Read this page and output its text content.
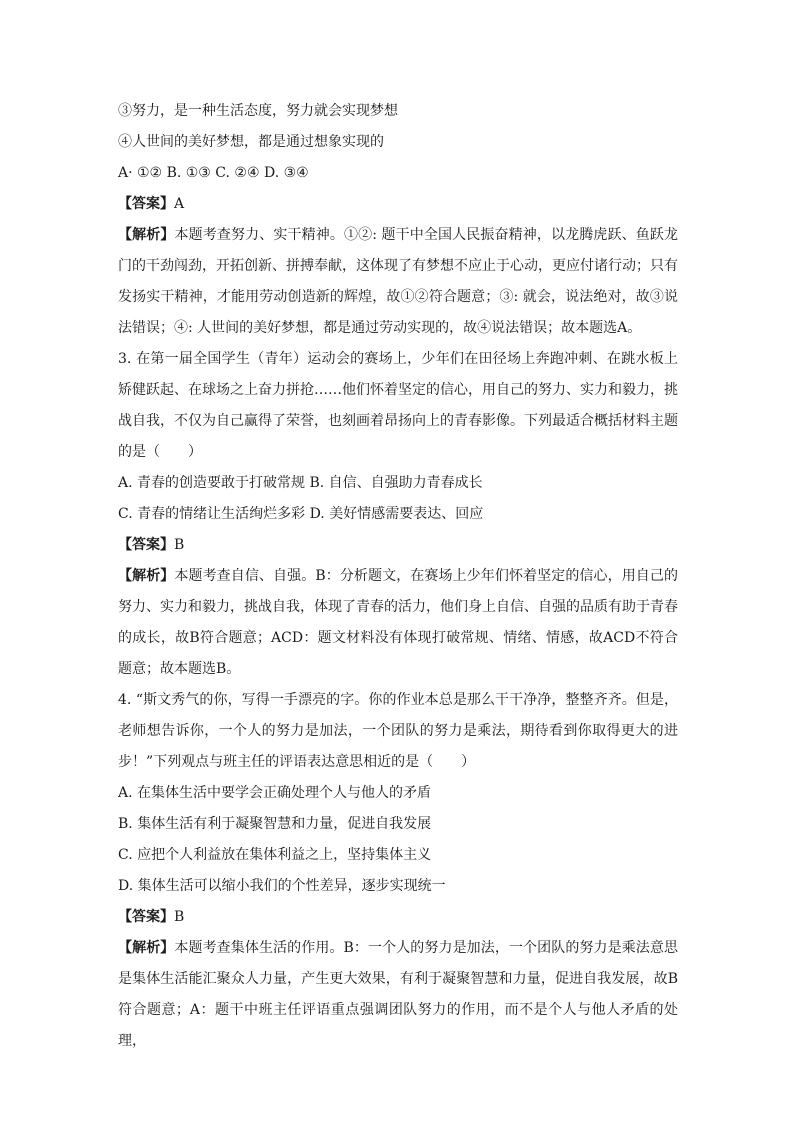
③努力，是一种生活态度，努力就会实现梦想
④人世间的美好梦想，都是通过想象实现的
A· ①② B. ①③ C. ②④ D. ③④
【答案】A
【解析】本题考查努力、实干精神。①②: 题干中全国人民振奋精神，以龙腾虎跃、鱼跃龙门的干劲闯劲，开拓创新、拼搏奉献，这体现了有梦想不应止于心动，更应付诸行动；只有发扬实干精神，才能用劳动创造新的辉煌，故①②符合题意；③: 就会，说法绝对，故③说法错误；④: 人世间的美好梦想，都是通过劳动实现的，故④说法错误；故本题选A。
3. 在第一届全国学生（青年）运动会的赛场上，少年们在田径场上奔跑冲刺、在跳水板上矫健跃起、在球场之上奋力拼抢……他们怀着坚定的信心，用自己的努力、实力和毅力，挑战自我，不仅为自己赢得了荣誉，也刻画着昂扬向上的青春影像。下列最适合概括材料主题的是（　　）
A. 青春的创造要敢于打破常规 B. 自信、自强助力青春成长
C. 青春的情绪让生活绚烂多彩 D. 美好情感需要表达、回应
【答案】B
【解析】本题考查自信、自强。B：分析题文，在赛场上少年们怀着坚定的信心，用自己的努力、实力和毅力，挑战自我，体现了青春的活力，他们身上自信、自强的品质有助于青春的成长，故B符合题意；ACD：题文材料没有体现打破常规、情绪、情感，故ACD不符合题意；故本题选B。
4. “斯文秀气的你，写得一手漂亮的字。你的作业本总是那么干干净净，整整齐齐。但是，老师想告诉你，一个人的努力是加法，一个团队的努力是乘法，期待看到你取得更大的进步！”下列观点与班主任的评语表达意思相近的是（　　）
A. 在集体生活中要学会正确处理个人与他人的矛盾
B. 集体生活有利于凝聚智慧和力量，促进自我发展
C. 应把个人利益放在集体利益之上，坚持集体主义
D. 集体生活可以缩小我们的个性差异，逐步实现统一
【答案】B
【解析】本题考查集体生活的作用。B：一个人的努力是加法，一个团队的努力是乘法意思是集体生活能汇聚众人力量，产生更大效果，有利于凝聚智慧和力量，促进自我发展，故B符合题意；A：题干中班主任评语重点强调团队努力的作用，而不是个人与他人矛盾的处理，
